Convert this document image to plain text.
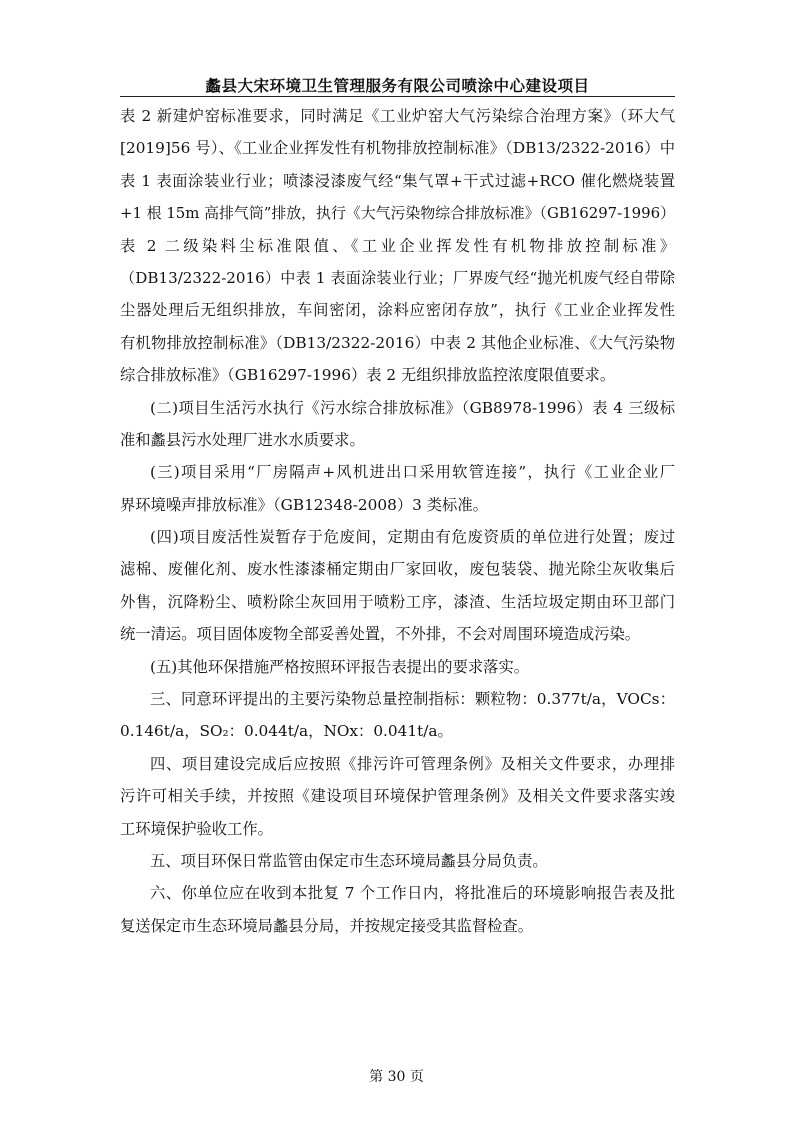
蠡县大宋环境卫生管理服务有限公司喷涂中心建设项目
表 2 新建炉窑标准要求，同时满足《工业炉窑大气污染综合治理方案》（环大气
[2019]56 号）、《工业企业挥发性有机物排放控制标准》（DB13/2322-2016）中
表 1 表面涂装业行业；喷漆浸漆废气经“集气罩+干式过滤+RCO 催化燃烧装置
+1 根 15m 高排气筒”排放，执行《大气污染物综合排放标准》（GB16297-1996）
表 2 二级染料尘标准限值、《工业企业挥发性有机物排放控制标准》
（DB13/2322-2016）中表 1 表面涂装业行业；厂界废气经“抛光机废气经自带除
尘器处理后无组织排放，车间密闭，涂料应密闭存放”，执行《工业企业挥发性
有机物排放控制标准》（DB13/2322-2016）中表 2 其他企业标准、《大气污染物
综合排放标准》（GB16297-1996）表 2 无组织排放监控浓度限值要求。
(二)项目生活污水执行《污水综合排放标准》（GB8978-1996）表 4 三级标
准和蠡县污水处理厂进水水质要求。
(三)项目采用“厂房隔声+风机进出口采用软管连接”，执行《工业企业厂
界环境噪声排放标准》（GB12348-2008）3 类标准。
(四)项目废活性炭暂存于危废间，定期由有危废资质的单位进行处置；废过
滤棉、废催化剂、废水性漆漆桶定期由厂家回收，废包装袋、抛光除尘灰收集后
外售，沉降粉尘、喷粉除尘灰回用于喷粉工序，漆渣、生活垃圾定期由环卫部门
统一清运。项目固体废物全部妥善处置，不外排，不会对周围环境造成污染。
(五)其他环保措施严格按照环评报告表提出的要求落实。
三、同意环评提出的主要污染物总量控制指标：颗粒物：0.377t/a，VOCs：
0.146t/a，SO₂：0.044t/a，NOx：0.041t/a。
四、项目建设完成后应按照《排污许可管理条例》及相关文件要求，办理排
污许可相关手续，并按照《建设项目环境保护管理条例》及相关文件要求落实竣
工环境保护验收工作。
五、项目环保日常监管由保定市生态环境局蠡县分局负责。
六、你单位应在收到本批复 7 个工作日内，将批准后的环境影响报告表及批
复送保定市生态环境局蠡县分局，并按规定接受其监督检查。
第 30 页
